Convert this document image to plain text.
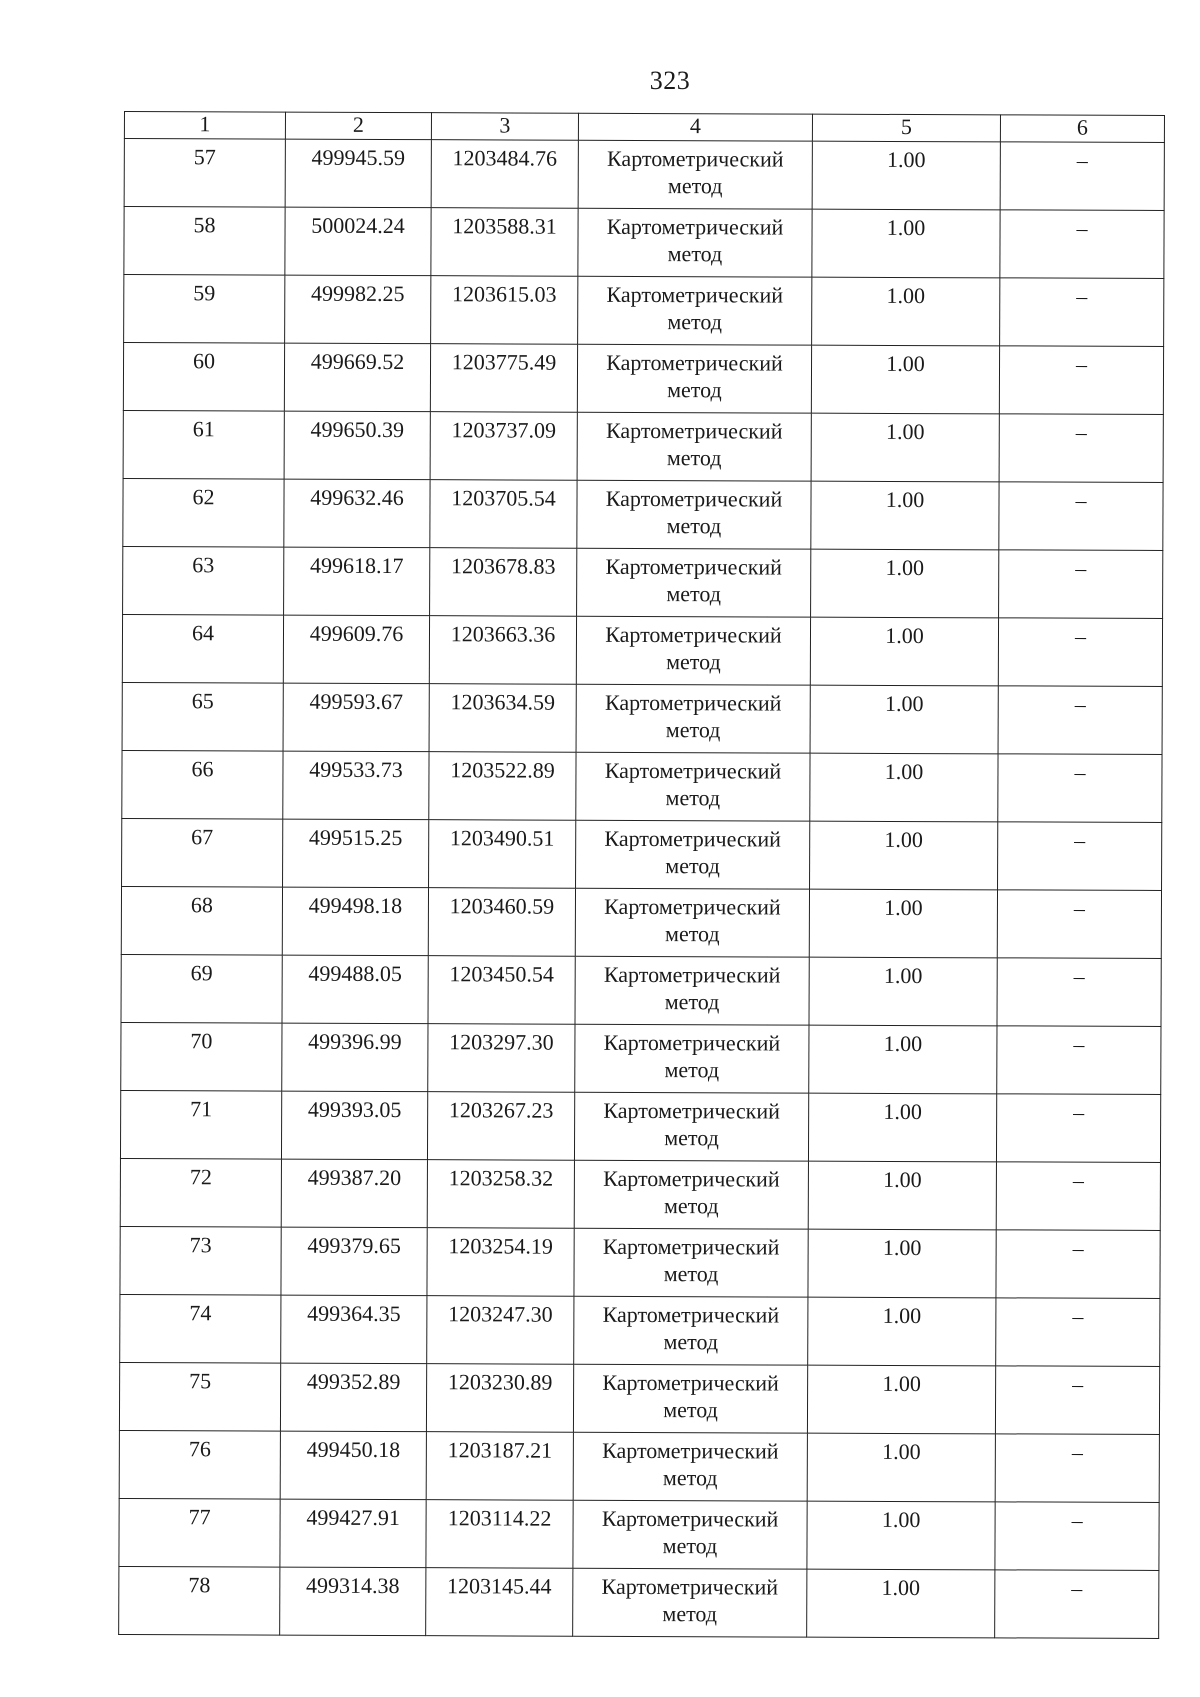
323
1	2	3	4	5	6
57	499945.59	1203484.76	Картометрический
метод	1.00	–
58	500024.24	1203588.31	Картометрический
метод	1.00	–
59	499982.25	1203615.03	Картометрический
метод	1.00	–
60	499669.52	1203775.49	Картометрический
метод	1.00	–
61	499650.39	1203737.09	Картометрический
метод	1.00	–
62	499632.46	1203705.54	Картометрический
метод	1.00	–
63	499618.17	1203678.83	Картометрический
метод	1.00	–
64	499609.76	1203663.36	Картометрический
метод	1.00	–
65	499593.67	1203634.59	Картометрический
метод	1.00	–
66	499533.73	1203522.89	Картометрический
метод	1.00	–
67	499515.25	1203490.51	Картометрический
метод	1.00	–
68	499498.18	1203460.59	Картометрический
метод	1.00	–
69	499488.05	1203450.54	Картометрический
метод	1.00	–
70	499396.99	1203297.30	Картометрический
метод	1.00	–
71	499393.05	1203267.23	Картометрический
метод	1.00	–
72	499387.20	1203258.32	Картометрический
метод	1.00	–
73	499379.65	1203254.19	Картометрический
метод	1.00	–
74	499364.35	1203247.30	Картометрический
метод	1.00	–
75	499352.89	1203230.89	Картометрический
метод	1.00	–
76	499450.18	1203187.21	Картометрический
метод	1.00	–
77	499427.91	1203114.22	Картометрический
метод	1.00	–
78	499314.38	1203145.44	Картометрический
метод	1.00	–
